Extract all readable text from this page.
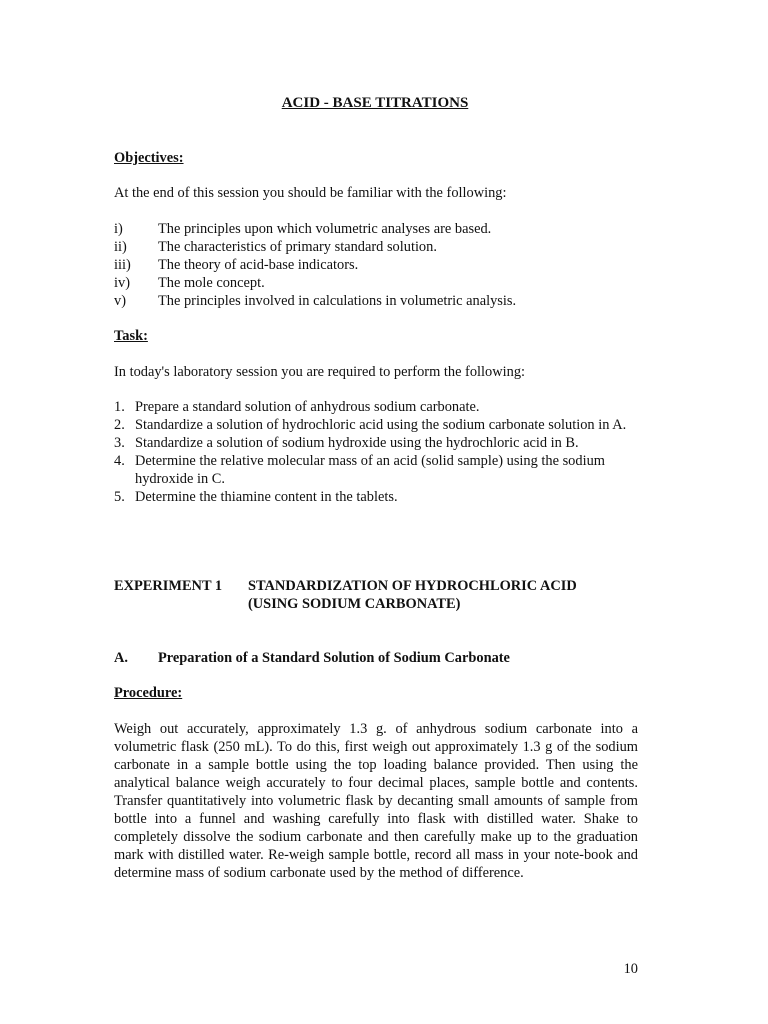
ACID - BASE TITRATIONS
Objectives:
At the end of this session you should be familiar with the following:
i)	The principles upon which volumetric analyses are based.
ii)	The characteristics of primary standard solution.
iii)	The theory of acid-base indicators.
iv)	The mole concept.
v)	The principles involved in calculations in volumetric analysis.
Task:
In today's laboratory session you are required to perform the following:
1. Prepare a standard solution of anhydrous sodium carbonate.
2. Standardize a solution of hydrochloric acid using the sodium carbonate solution in A.
3. Standardize a solution of sodium hydroxide using the hydrochloric acid in B.
4. Determine the relative molecular mass of an acid (solid sample) using the sodium hydroxide in C.
5. Determine the thiamine content in the tablets.
EXPERIMENT 1	STANDARDIZATION OF HYDROCHLORIC ACID
(USING SODIUM CARBONATE)
A.	Preparation of a Standard Solution of Sodium Carbonate
Procedure:
Weigh out accurately, approximately 1.3 g. of anhydrous sodium carbonate into a volumetric flask (250 mL). To do this, first weigh out approximately 1.3 g of the sodium carbonate in a sample bottle using the top loading balance provided. Then using the analytical balance weigh accurately to four decimal places, sample bottle and contents. Transfer quantitatively into volumetric flask by decanting small amounts of sample from bottle into a funnel and washing carefully into flask with distilled water. Shake to completely dissolve the sodium carbonate and then carefully make up to the graduation mark with distilled water. Re-weigh sample bottle, record all mass in your note-book and determine mass of sodium carbonate used by the method of difference.
10
